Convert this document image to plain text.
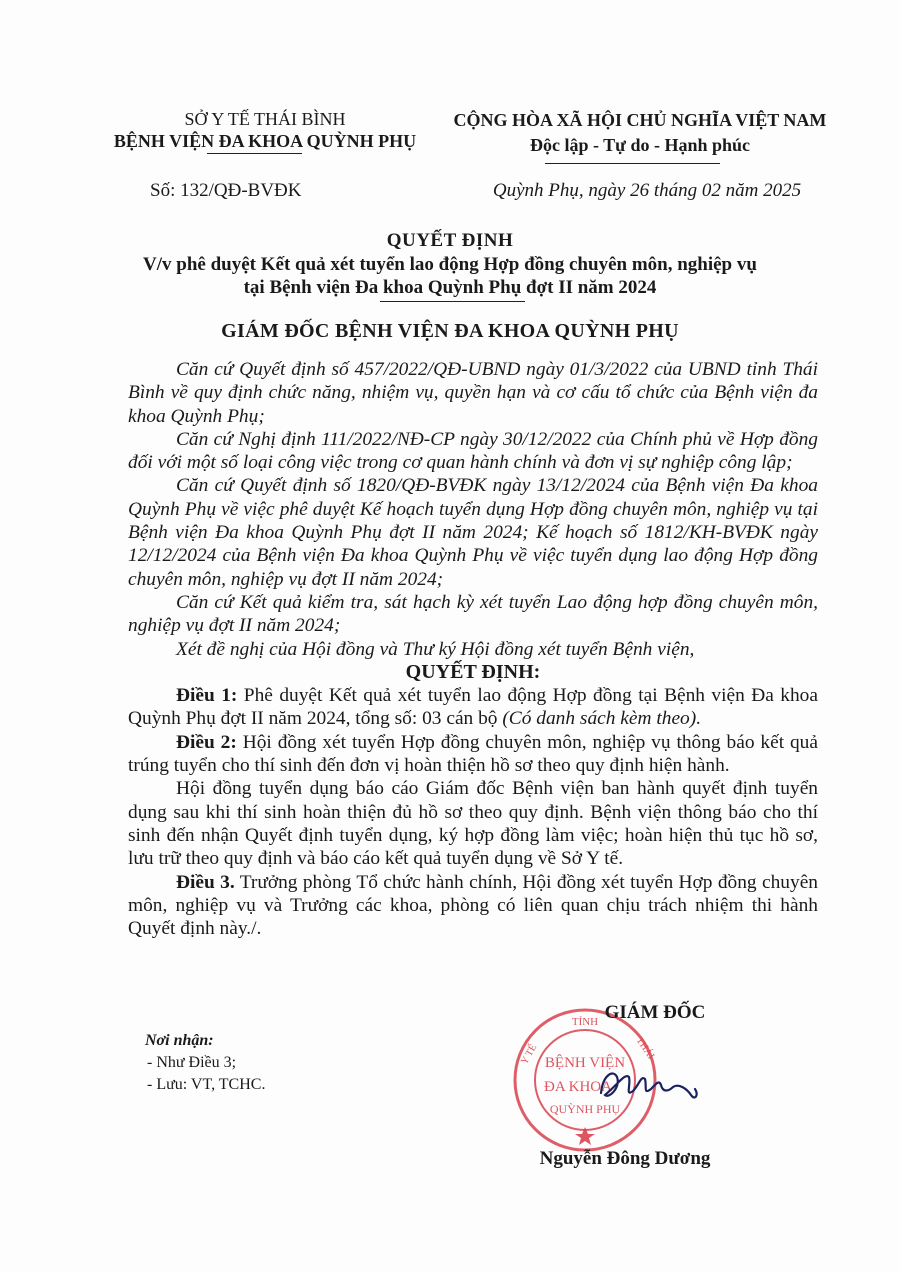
SỞ Y TẾ THÁI BÌNH
BỆNH VIỆN ĐA KHOA QUỲNH PHỤ
CỘNG HÒA XÃ HỘI CHỦ NGHĨA VIỆT NAM
Độc lập - Tự do - Hạnh phúc
Số: 132/QĐ-BVĐK	Quỳnh Phụ, ngày 26 tháng 02 năm 2025
QUYẾT ĐỊNH
V/v phê duyệt Kết quả xét tuyển lao động Hợp đồng chuyên môn, nghiệp vụ
tại Bệnh viện Đa khoa Quỳnh Phụ đợt II năm 2024
GIÁM ĐỐC BỆNH VIỆN ĐA KHOA QUỲNH PHỤ

Căn cứ Quyết định số 457/2022/QĐ-UBND ngày 01/3/2022 của UBND tỉnh Thái Bình về quy định chức năng, nhiệm vụ, quyền hạn và cơ cấu tổ chức của Bệnh viện đa khoa Quỳnh Phụ;

Căn cứ Nghị định 111/2022/NĐ-CP ngày 30/12/2022 của Chính phủ về Hợp đồng đối với một số loại công việc trong cơ quan hành chính và đơn vị sự nghiệp công lập;

Căn cứ Quyết định số 1820/QĐ-BVĐK ngày 13/12/2024 của Bệnh viện Đa khoa Quỳnh Phụ về việc phê duyệt Kế hoạch tuyển dụng Hợp đồng chuyên môn, nghiệp vụ tại Bệnh viện Đa khoa Quỳnh Phụ đợt II năm 2024; Kế hoạch số 1812/KH-BVĐK ngày 12/12/2024 của Bệnh viện Đa khoa Quỳnh Phụ về việc tuyển dụng lao động Hợp đồng chuyên môn, nghiệp vụ đợt II năm 2024;

Căn cứ Kết quả kiểm tra, sát hạch kỳ xét tuyển Lao động hợp đồng chuyên môn, nghiệp vụ đợt II năm 2024;

Xét đề nghị của Hội đồng và Thư ký Hội đồng xét tuyển Bệnh viện,

QUYẾT ĐỊNH:

Điều 1: Phê duyệt Kết quả xét tuyển lao động Hợp đồng tại Bệnh viện Đa khoa Quỳnh Phụ đợt II năm 2024, tổng số: 03 cán bộ (Có danh sách kèm theo).

Điều 2: Hội đồng xét tuyển Hợp đồng chuyên môn, nghiệp vụ thông báo kết quả trúng tuyển cho thí sinh đến đơn vị hoàn thiện hồ sơ theo quy định hiện hành.

Hội đồng tuyển dụng báo cáo Giám đốc Bệnh viện ban hành quyết định tuyển dụng sau khi thí sinh hoàn thiện đủ hồ sơ theo quy định. Bệnh viện thông báo cho thí sinh đến nhận Quyết định tuyển dụng, ký hợp đồng làm việc; hoàn hiện thủ tục hồ sơ, lưu trữ theo quy định và báo cáo kết quả tuyển dụng về Sở Y tế.

Điều 3. Trưởng phòng Tổ chức hành chính, Hội đồng xét tuyển Hợp đồng chuyên môn, nghiệp vụ và Trưởng các khoa, phòng có liên quan chịu trách nhiệm thi hành Quyết định này./.

Nơi nhận:
- Như Điều 3;
- Lưu: VT, TCHC.
TỈNH
Y TẾ	THÁI
BỆNH VIỆN
ĐA KHOA
QUỲNH PHỤ
GIÁM ĐỐC
Nguyễn Đông Dương
